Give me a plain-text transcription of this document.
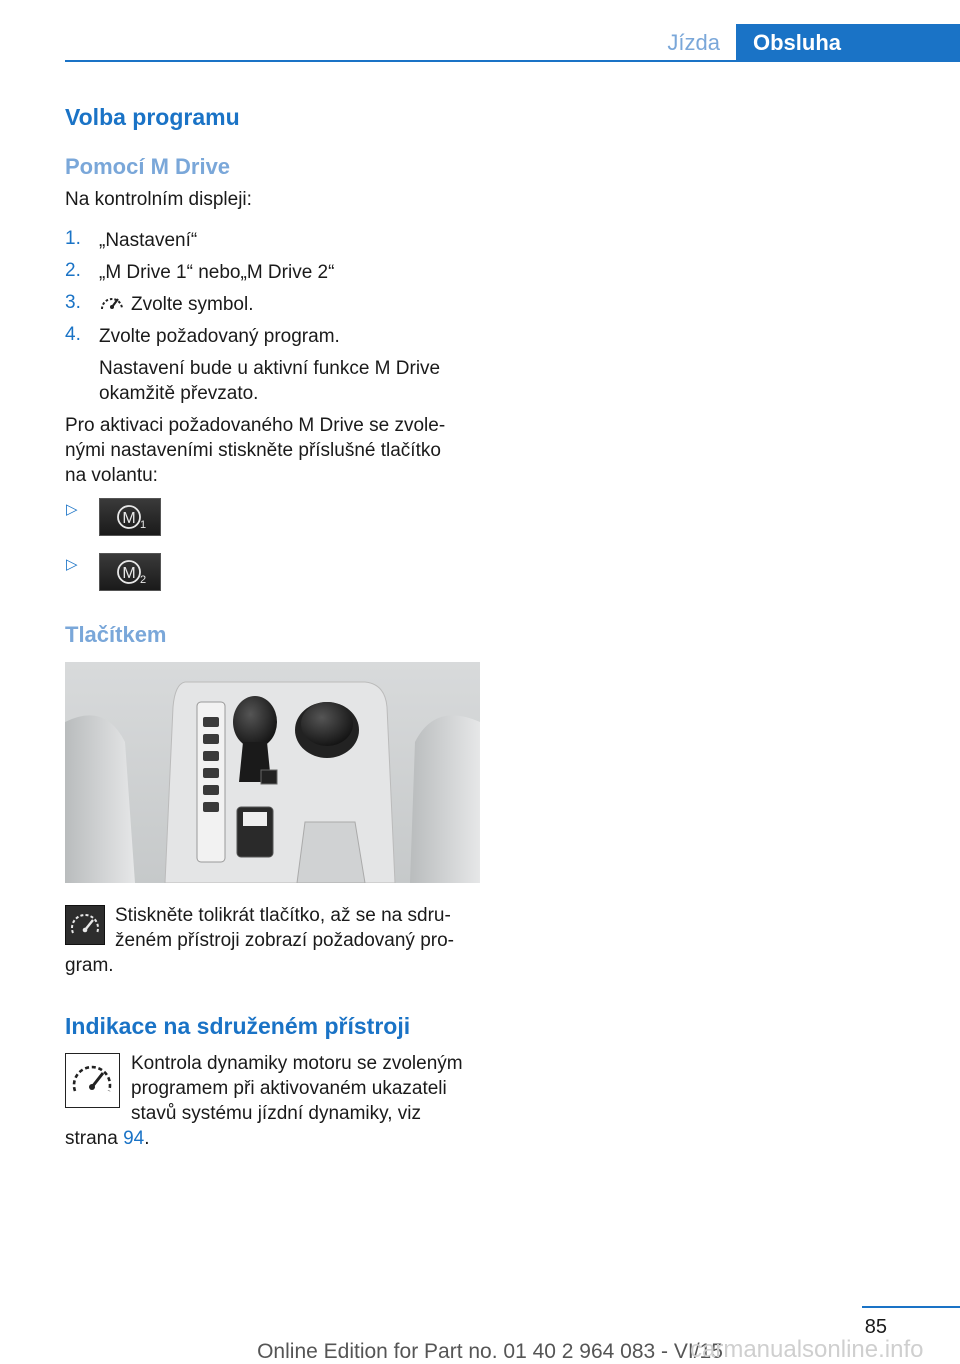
Jízda	Obsluha
Volba programu
Pomocí M Drive
Na kontrolním displeji:
1. „Nastavení“
2. „M Drive 1“ nebo„M Drive 2“
3.	Zvolte symbol.
4. Zvolte požadovaný program.
Nastavení bude u aktivní funkce M Drive
okamžitě převzato.
Pro aktivaci požadovaného M Drive se zvole-
nými nastaveními stiskněte příslušné tlačítko
na volantu:
▷
M 1
▷
M 2
Tlačítkem
Stiskněte tolikrát tlačítko, až se na sdru-
ženém přístroji zobrazí požadovaný pro-
gram.
Indikace na sdruženém přístroji
Kontrola dynamiky motoru se zvoleným
programem při aktivovaném ukazateli
stavů systému jízdní dynamiky, viz
strana 94.
85
Online Edition for Part no. 01 40 2 964 083 - VI/15
carmanualsonline.info
